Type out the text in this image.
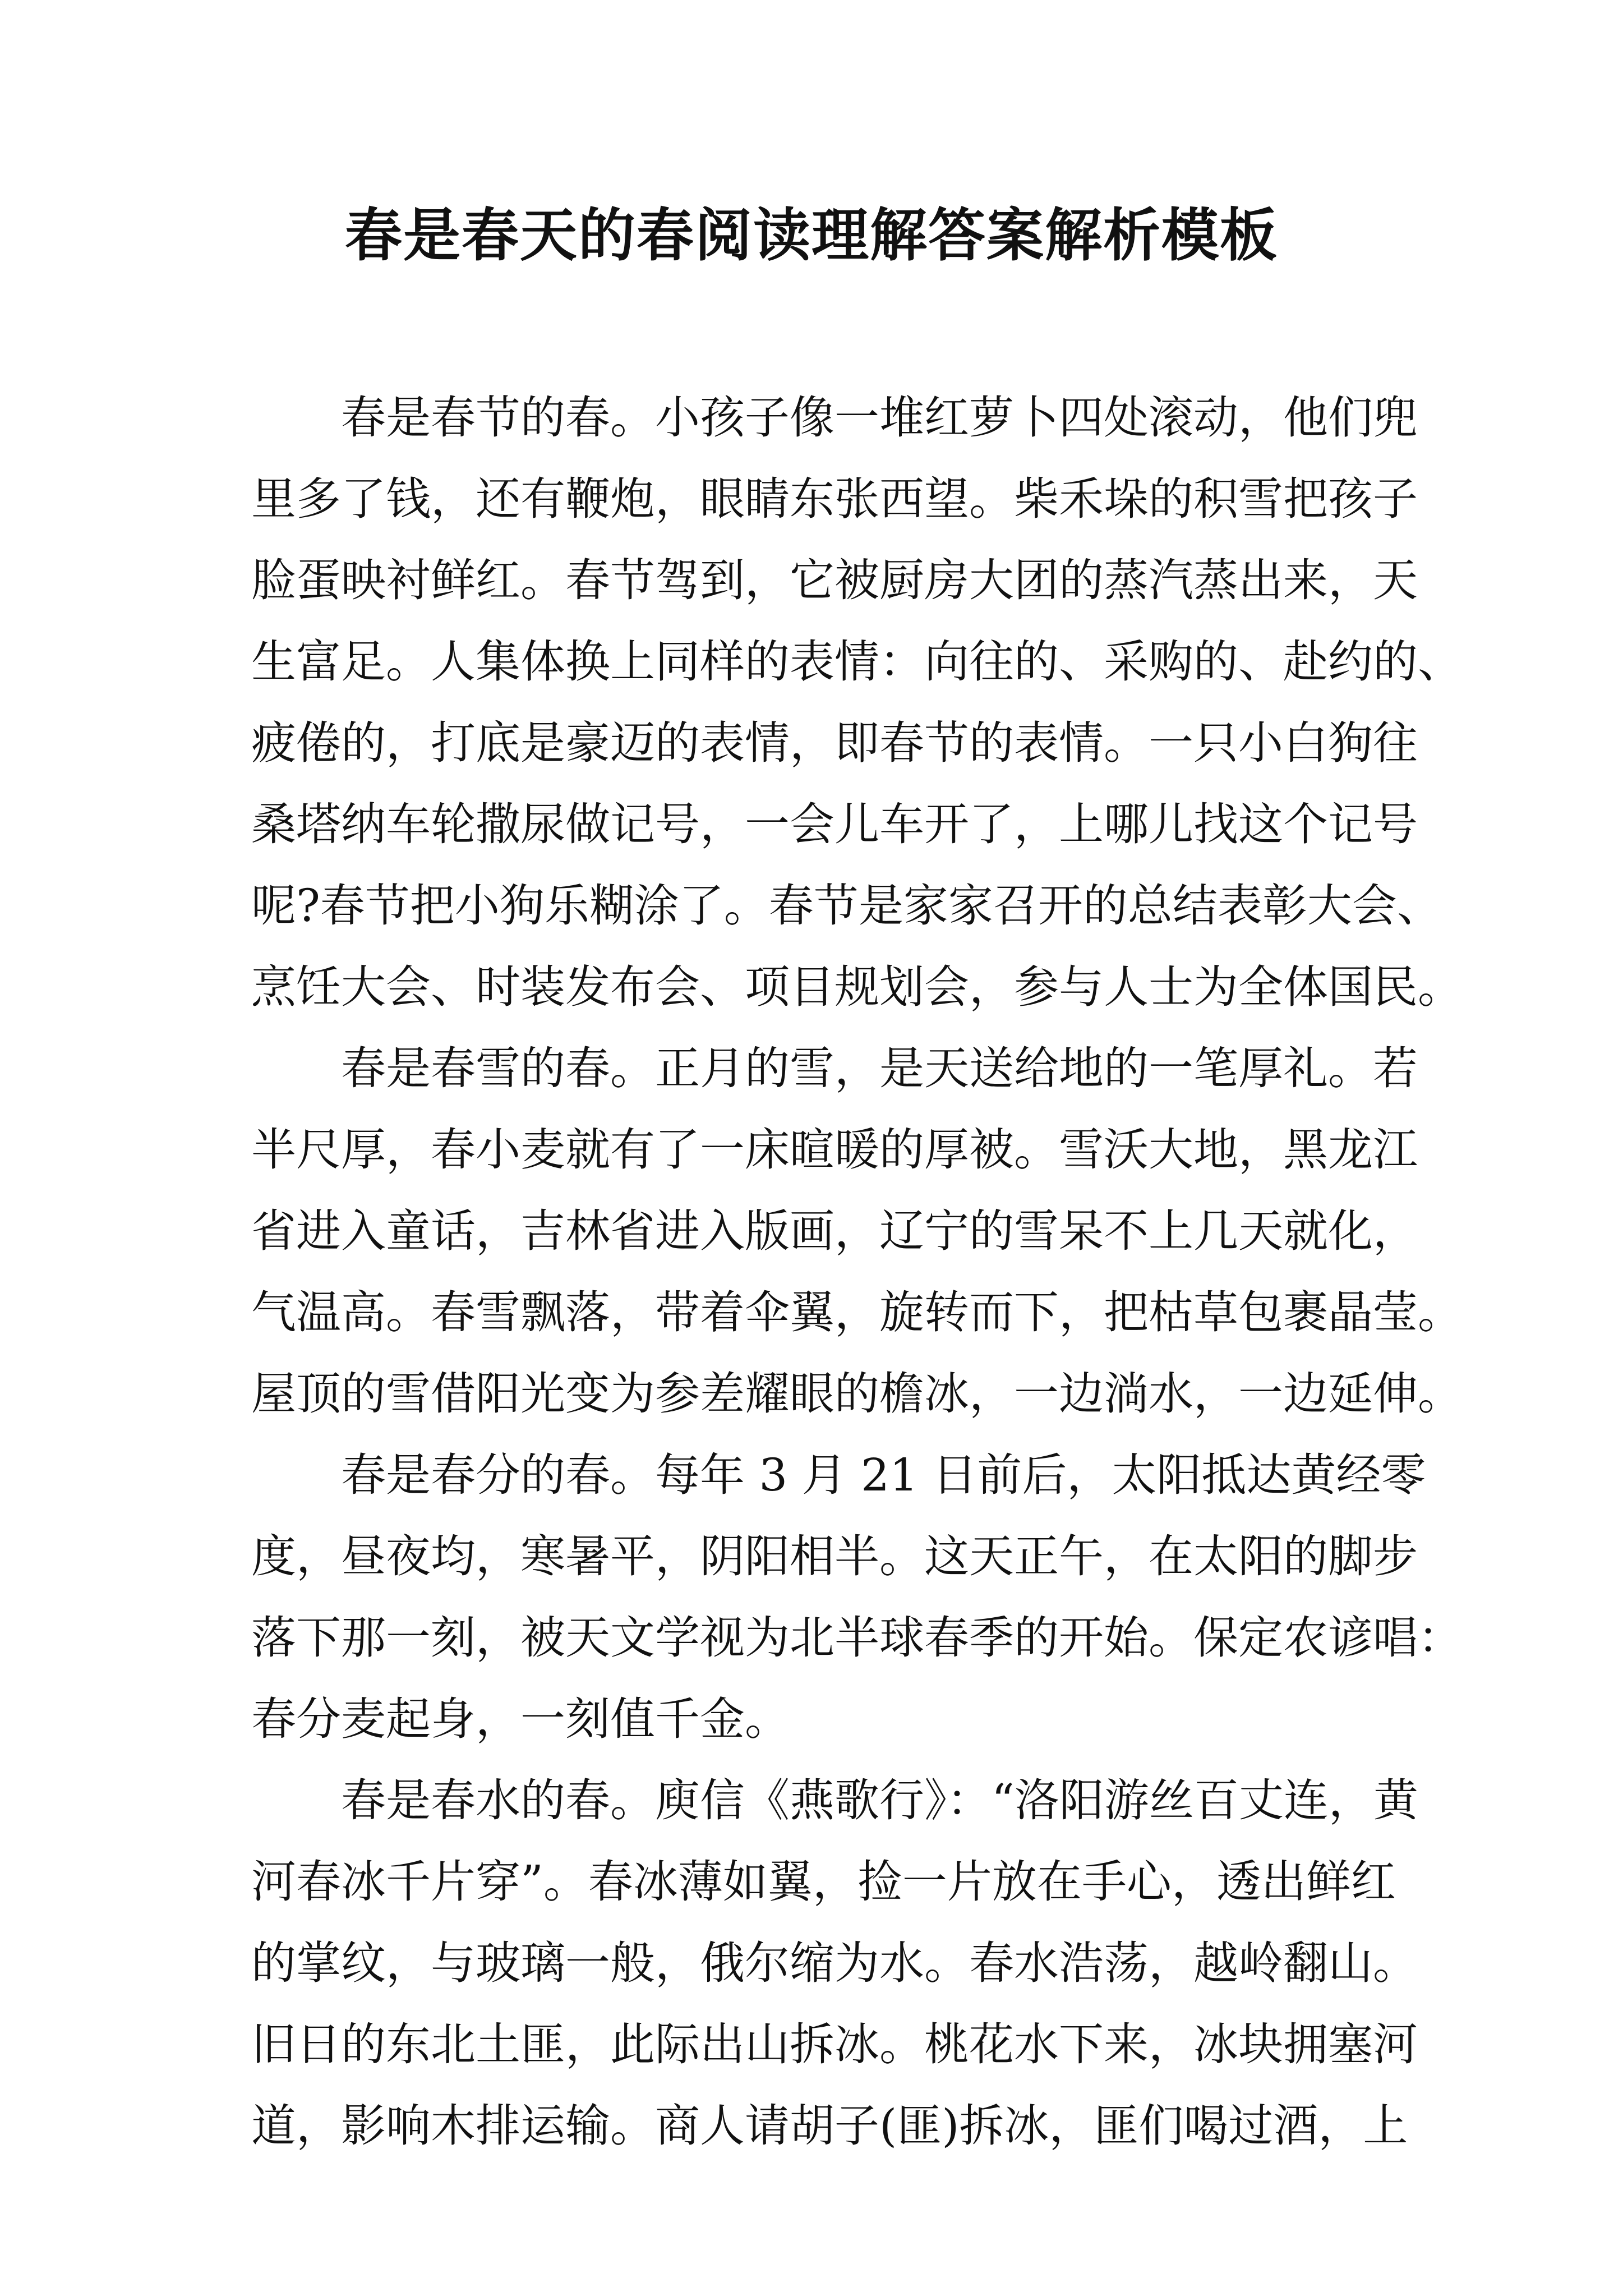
春是春天的春阅读理解答案解析模板
　　春是春节的春。小孩子像一堆红萝卜四处滚动，他们兜
里多了钱，还有鞭炮，眼睛东张西望。柴禾垛的积雪把孩子
脸蛋映衬鲜红。春节驾到，它被厨房大团的蒸汽蒸出来，天
生富足。人集体换上同样的表情：向往的、采购的、赴约的、
疲倦的，打底是豪迈的表情，即春节的表情。一只小白狗往
桑塔纳车轮撒尿做记号，一会儿车开了，上哪儿找这个记号
呢?春节把小狗乐糊涂了。春节是家家召开的总结表彰大会、
烹饪大会、时装发布会、项目规划会，参与人士为全体国民。
　　春是春雪的春。正月的雪，是天送给地的一笔厚礼。若
半尺厚，春小麦就有了一床暄暖的厚被。雪沃大地，黑龙江
省进入童话，吉林省进入版画，辽宁的雪呆不上几天就化，
气温高。春雪飘落，带着伞翼，旋转而下，把枯草包裹晶莹。
屋顶的雪借阳光变为参差耀眼的檐冰，一边淌水，一边延伸。
　　春是春分的春。每年 3 月 21 日前后，太阳抵达黄经零
度，昼夜均，寒暑平，阴阳相半。这天正午，在太阳的脚步
落下那一刻，被天文学视为北半球春季的开始。保定农谚唱：
春分麦起身，一刻值千金。
　　春是春水的春。庾信《燕歌行》：“洛阳游丝百丈连，黄
河春冰千片穿”。春冰薄如翼，捡一片放在手心，透出鲜红
的掌纹，与玻璃一般，俄尔缩为水。春水浩荡，越岭翻山。
旧日的东北土匪，此际出山拆冰。桃花水下来，冰块拥塞河
道，影响木排运输。商人请胡子(匪)拆冰，匪们喝过酒，上
